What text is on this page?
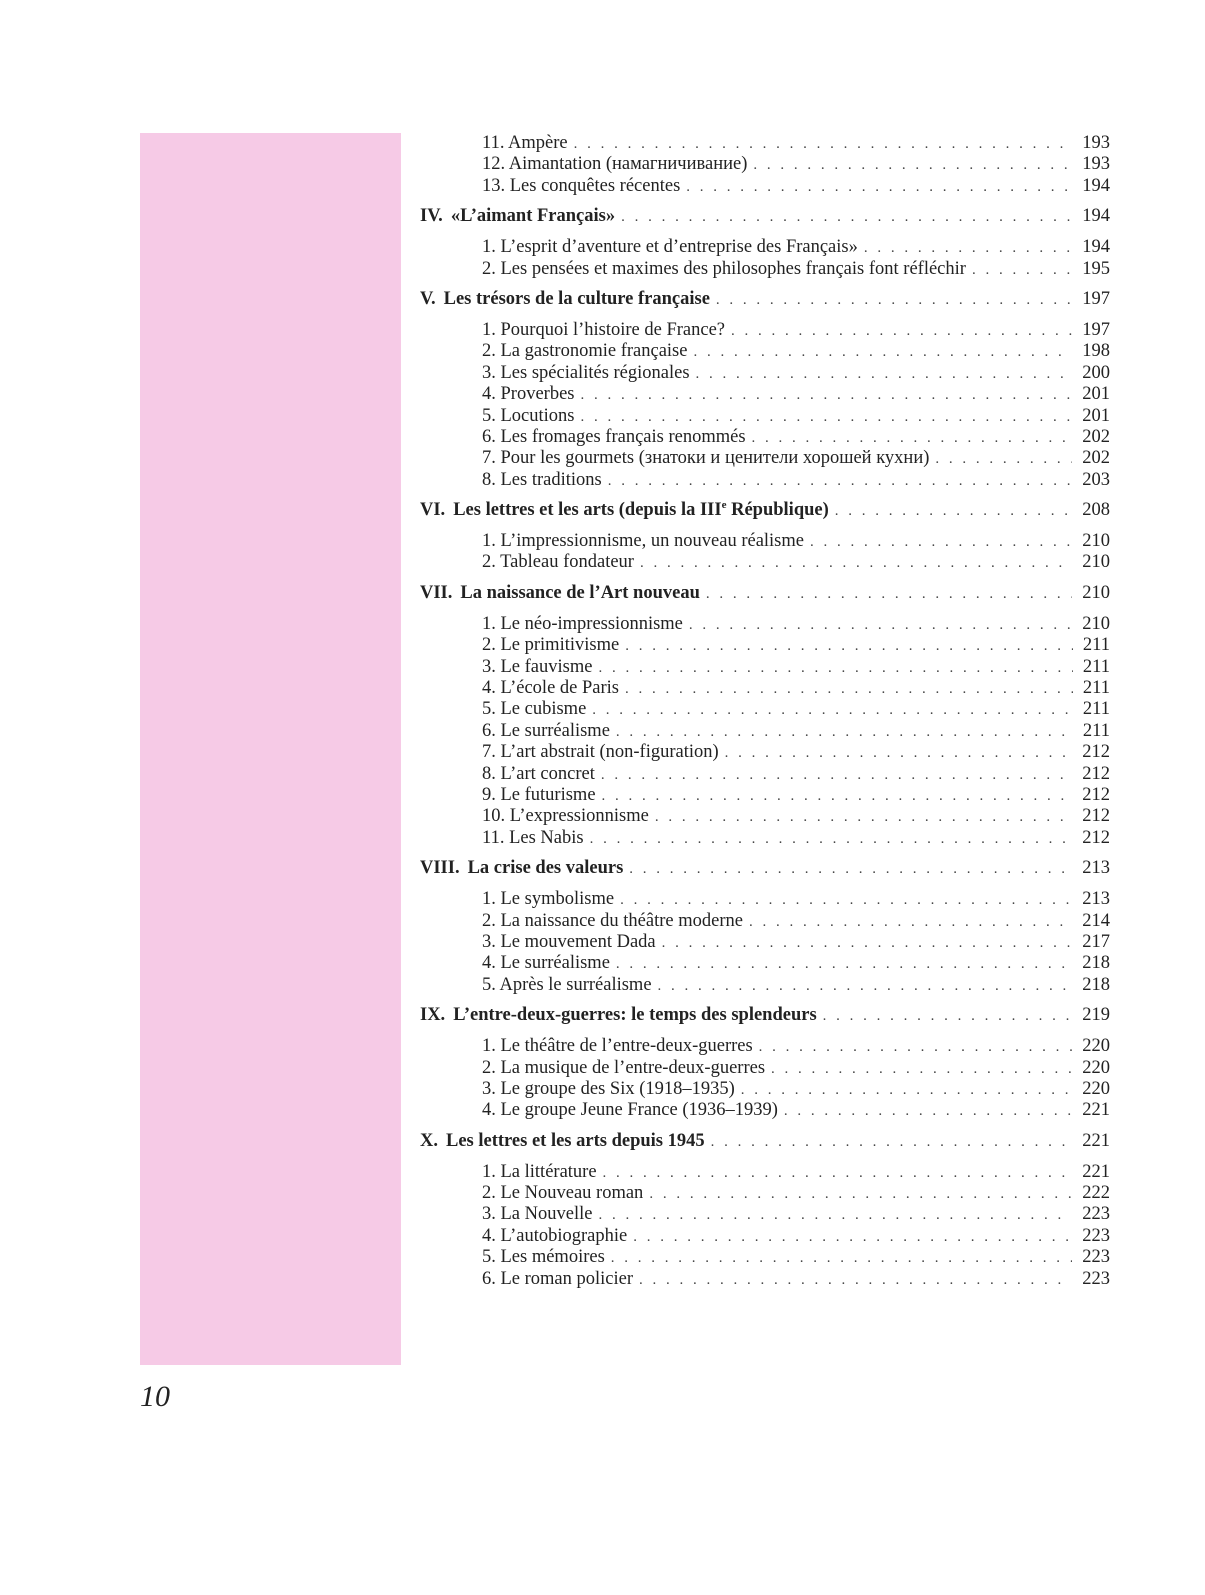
11. Ampère . . .	193
12. Aimantation (намагничивание) . . .	193
13. Les conquêtes récentes . . .	194
IV. «L’aimant Français» . . .	194
1. L’esprit d’aventure et d’entreprise des Français» . . .	194
2. Les pensées et maximes des philosophes français font réfléchir . . .	195
V. Les trésors de la culture française . . .	197
1. Pourquoi l’histoire de France? . . .	197
2. La gastronomie française . . .	198
3. Les spécialités régionales . . .	200
4. Proverbes . . .	201
5. Locutions . . .	201
6. Les fromages français renommés . . .	202
7. Pour les gourmets (знатоки и ценители хорошей кухни) . . .	202
8. Les traditions . . .	203
VI. Les lettres et les arts (depuis la IIIe République) . . .	208
1. L’impressionnisme, un nouveau réalisme . . .	210
2. Tableau fondateur . . .	210
VII. La naissance de l’Art nouveau . . .	210
1. Le néo-impressionnisme . . .	210
2. Le primitivisme . . .	211
3. Le fauvisme . . .	211
4. L’école de Paris . . .	211
5. Le cubisme . . .	211
6. Le surréalisme . . .	211
7. L’art abstrait (non-figuration) . . .	212
8. L’art concret . . .	212
9. Le futurisme . . .	212
10. L’expressionnisme . . .	212
11. Les Nabis . . .	212
VIII. La crise des valeurs . . .	213
1. Le symbolisme . . .	213
2. La naissance du théâtre moderne . . .	214
3. Le mouvement Dada . . .	217
4. Le surréalisme . . .	218
5. Après le surréalisme . . .	218
IX. L’entre-deux-guerres: le temps des splendeurs . . .	219
1. Le théâtre de l’entre-deux-guerres . . .	220
2. La musique de l’entre-deux-guerres . . .	220
3. Le groupe des Six (1918–1935) . . .	220
4. Le groupe Jeune France (1936–1939) . . .	221
X. Les lettres et les arts depuis 1945 . . .	221
1. La littérature . . .	221
2. Le Nouveau roman . . .	222
3. La Nouvelle . . .	223
4. L’autobiographie . . .	223
5. Les mémoires . . .	223
6. Le roman policier . . .	223
10
